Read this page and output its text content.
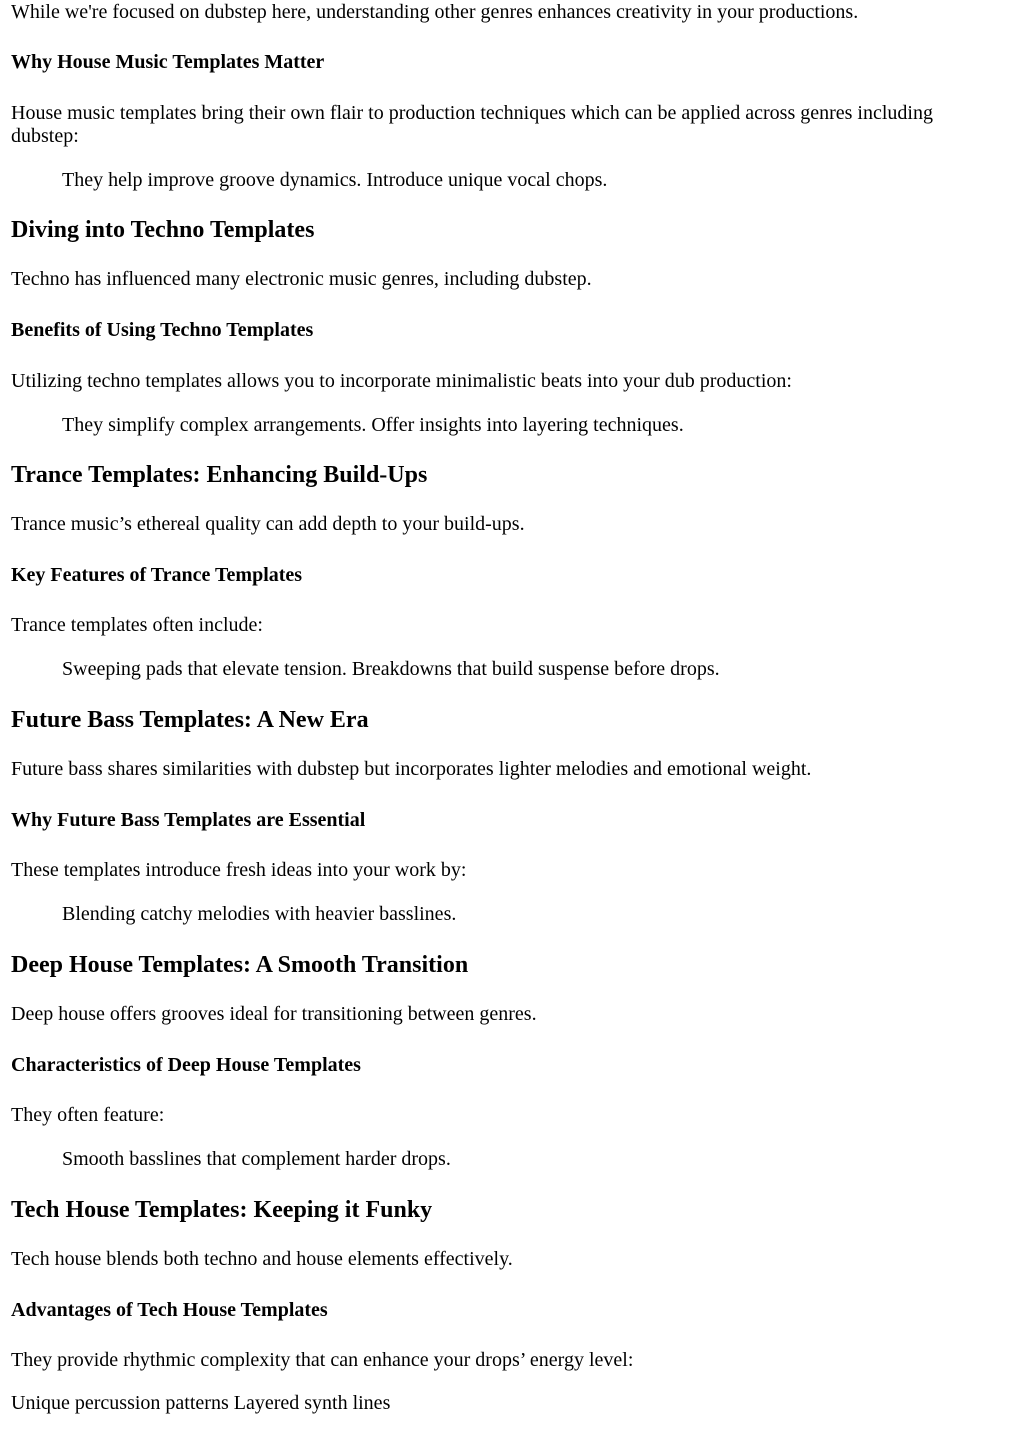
While we're focused on dubstep here, understanding other genres enhances creativity in your productions.

Why House Music Templates Matter

House music templates bring their own flair to production techniques which can be applied across genres including dubstep:

They help improve groove dynamics. Introduce unique vocal chops.

Diving into Techno Templates

Techno has influenced many electronic music genres, including dubstep.

Benefits of Using Techno Templates

Utilizing techno templates allows you to incorporate minimalistic beats into your dub production:

They simplify complex arrangements. Offer insights into layering techniques.

Trance Templates: Enhancing Build-Ups

Trance music’s ethereal quality can add depth to your build-ups.

Key Features of Trance Templates

Trance templates often include:

Sweeping pads that elevate tension. Breakdowns that build suspense before drops.

Future Bass Templates: A New Era

Future bass shares similarities with dubstep but incorporates lighter melodies and emotional weight.

Why Future Bass Templates are Essential

These templates introduce fresh ideas into your work by:

Blending catchy melodies with heavier basslines.

Deep House Templates: A Smooth Transition

Deep house offers grooves ideal for transitioning between genres.

Characteristics of Deep House Templates

They often feature:

Smooth basslines that complement harder drops.

Tech House Templates: Keeping it Funky

Tech house blends both techno and house elements effectively.

Advantages of Tech House Templates

They provide rhythmic complexity that can enhance your drops’ energy level:

Unique percussion patterns Layered synth lines
